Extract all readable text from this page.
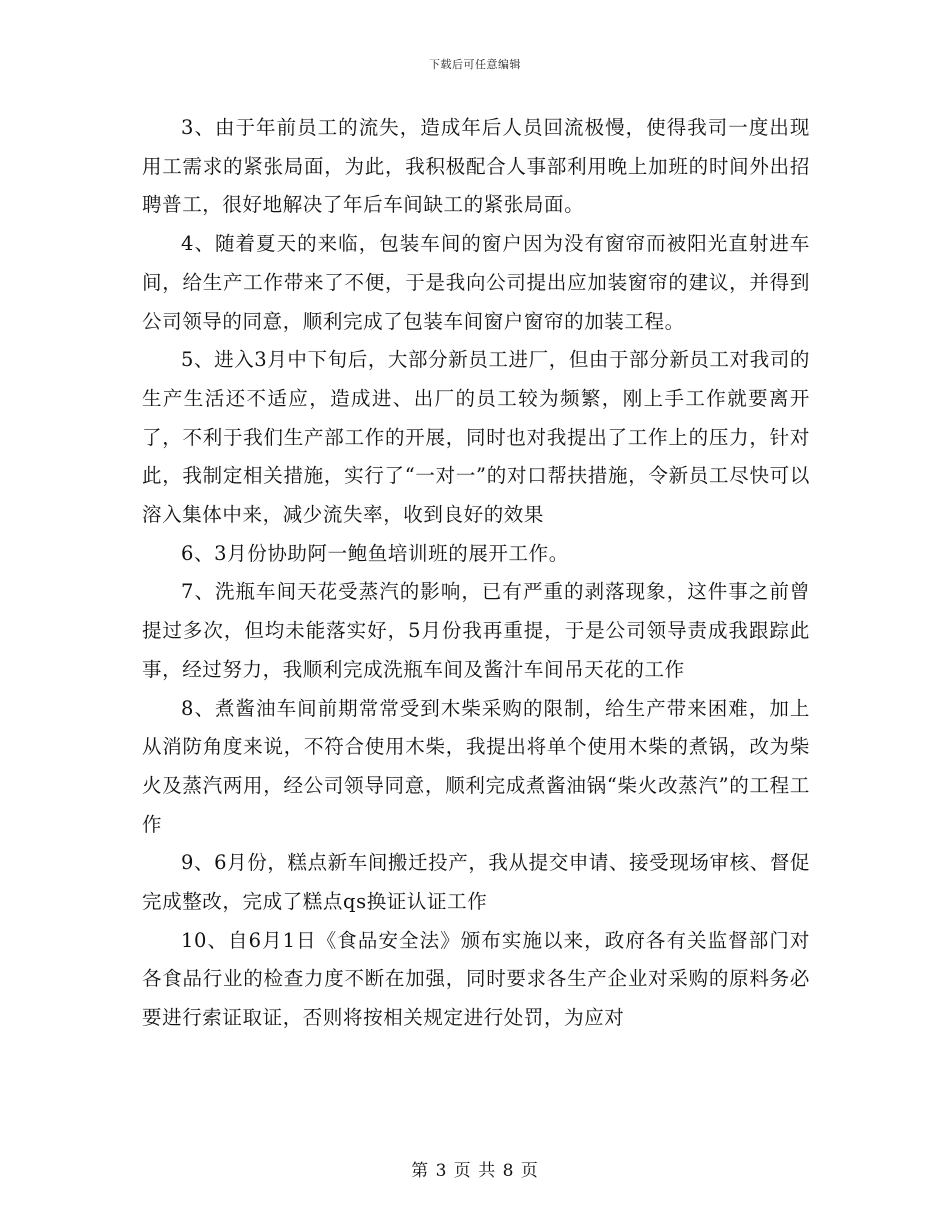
下载后可任意编辑

3、由于年前员工的流失，造成年后人员回流极慢，使得我司一度出现用工需求的紧张局面，为此，我积极配合人事部利用晚上加班的时间外出招聘普工，很好地解决了年后车间缺工的紧张局面。

4、随着夏天的来临，包装车间的窗户因为没有窗帘而被阳光直射进车间，给生产工作带来了不便，于是我向公司提出应加装窗帘的建议，并得到公司领导的同意，顺利完成了包装车间窗户窗帘的加装工程。

5、进入3月中下旬后，大部分新员工进厂，但由于部分新员工对我司的生产生活还不适应，造成进、出厂的员工较为频繁，刚上手工作就要离开了，不利于我们生产部工作的开展，同时也对我提出了工作上的压力，针对此，我制定相关措施，实行了“一对一”的对口帮扶措施，令新员工尽快可以溶入集体中来，减少流失率，收到良好的效果

6、3月份协助阿一鲍鱼培训班的展开工作。

7、洗瓶车间天花受蒸汽的影响，已有严重的剥落现象，这件事之前曾提过多次，但均未能落实好，5月份我再重提，于是公司领导责成我跟踪此事，经过努力，我顺利完成洗瓶车间及酱汁车间吊天花的工作

8、煮酱油车间前期常常受到木柴采购的限制，给生产带来困难，加上从消防角度来说，不符合使用木柴，我提出将单个使用木柴的煮锅，改为柴火及蒸汽两用，经公司领导同意，顺利完成煮酱油锅“柴火改蒸汽”的工程工作

9、6月份，糕点新车间搬迁投产，我从提交申请、接受现场审核、督促完成整改，完成了糕点qs换证认证工作

10、自6月1日《食品安全法》颁布实施以来，政府各有关监督部门对各食品行业的检查力度不断在加强，同时要求各生产企业对采购的原料务必要进行索证取证，否则将按相关规定进行处罚，为应对

第 3 页 共 8 页
